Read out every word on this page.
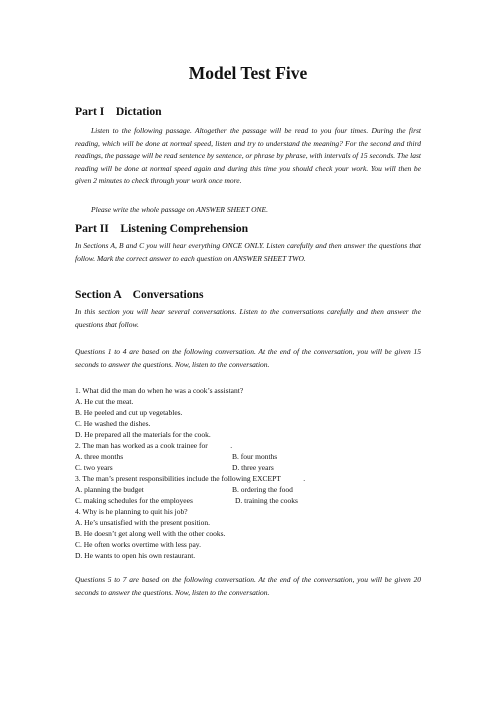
Model Test Five
Part I    Dictation
Listen to the following passage. Altogether the passage will be read to you four times. During the first reading, which will be done at normal speed, listen and try to understand the meaning? For the second and third readings, the passage will be read sentence by sentence, or phrase by phrase, with intervals of 15 seconds. The last reading will be done at normal speed again and during this time you should check your work. You will then be given 2 minutes to check through your work once more.
Please write the whole passage on ANSWER SHEET ONE.
Part II    Listening Comprehension
In Sections A, B and C you will hear everything ONCE ONLY. Listen carefully and then answer the questions that follow. Mark the correct answer to each question on ANSWER SHEET TWO.
Section A    Conversations
In this section you will hear several conversations. Listen to the conversations carefully and then answer the questions that follow.
Questions 1 to 4 are based on the following conversation. At the end of the conversation, you will be given 15 seconds to answer the questions. Now, listen to the conversation.
1. What did the man do when he was a cook’s assistant?
A. He cut the meat.
B. He peeled and cut up vegetables.
C. He washed the dishes.
D. He prepared all the materials for the cook.
2. The man has worked as a cook trainee for            .
A. three months	B. four months
C. two years	D. three years
3. The man’s present responsibilities include the following EXCEPT            .
A. planning the budget	B. ordering the food
C. making schedules for the employees	D. training the cooks
4. Why is he planning to quit his job?
A. He’s unsatisfied with the present position.
B. He doesn’t get along well with the other cooks.
C. He often works overtime with less pay.
D. He wants to open his own restaurant.
Questions 5 to 7 are based on the following conversation. At the end of the conversation, you will be given 20 seconds to answer the questions. Now, listen to the conversation.
